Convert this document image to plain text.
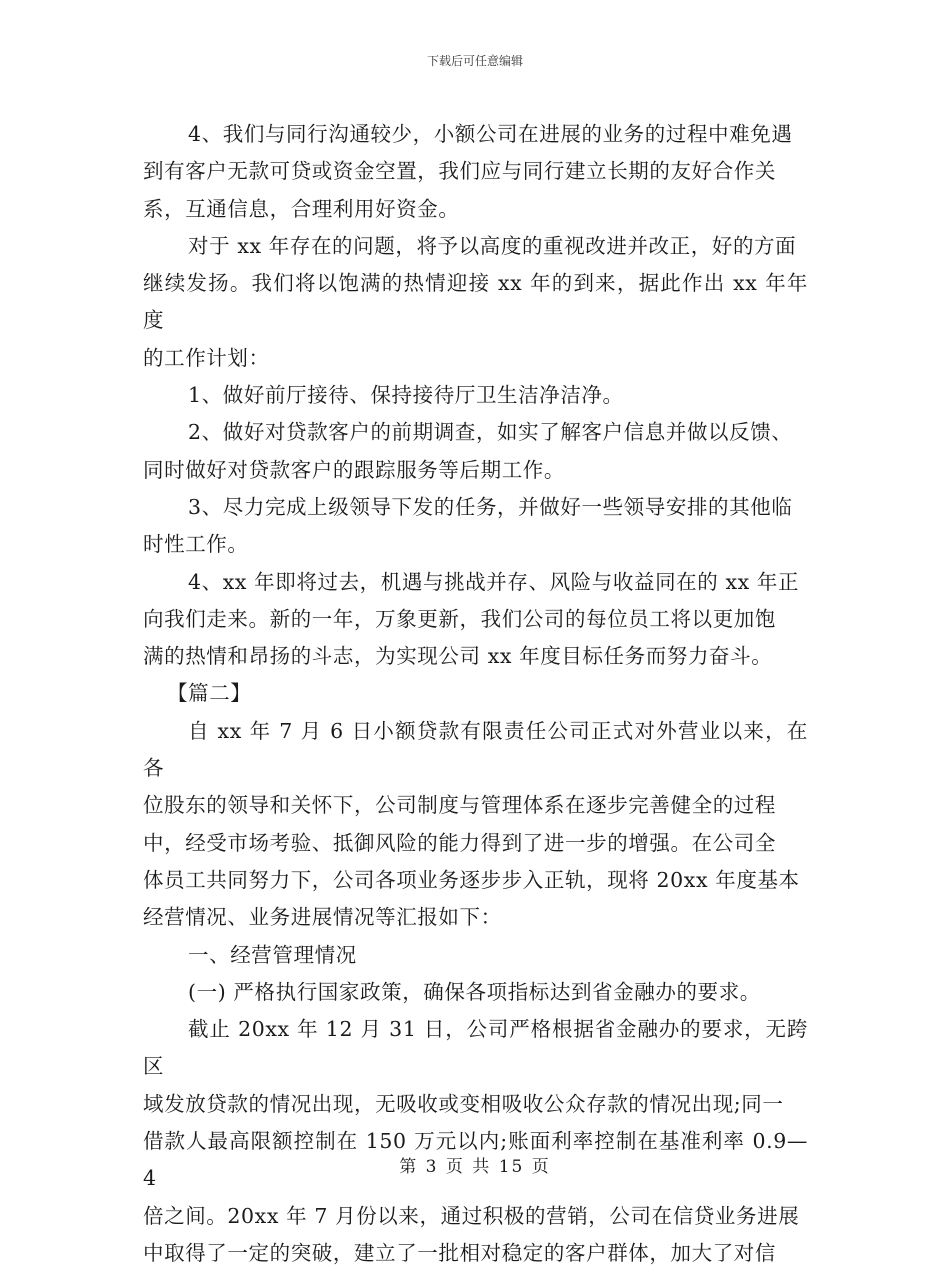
下载后可任意编辑

4、我们与同行沟通较少，小额公司在进展的业务的过程中难免遇
到有客户无款可贷或资金空置，我们应与同行建立长期的友好合作关
系，互通信息，合理利用好资金。

对于 xx 年存在的问题，将予以高度的重视改进并改正，好的方面
继续发扬。我们将以饱满的热情迎接 xx 年的到来，据此作出 xx 年年度
的工作计划：

1、做好前厅接待、保持接待厅卫生洁净洁净。

2、做好对贷款客户的前期调查，如实了解客户信息并做以反馈、
同时做好对贷款客户的跟踪服务等后期工作。

3、尽力完成上级领导下发的任务，并做好一些领导安排的其他临
时性工作。

4、xx 年即将过去，机遇与挑战并存、风险与收益同在的 xx 年正
向我们走来。新的一年，万象更新，我们公司的每位员工将以更加饱
满的热情和昂扬的斗志，为实现公司 xx 年度目标任务而努力奋斗。

【篇二】

自 xx 年 7 月 6 日小额贷款有限责任公司正式对外营业以来，在各
位股东的领导和关怀下，公司制度与管理体系在逐步完善健全的过程
中，经受市场考验、抵御风险的能力得到了进一步的增强。在公司全
体员工共同努力下，公司各项业务逐步步入正轨，现将 20xx 年度基本
经营情况、业务进展情况等汇报如下：

一、经营管理情况

(一) 严格执行国家政策，确保各项指标达到省金融办的要求。

截止 20xx 年 12 月 31 日，公司严格根据省金融办的要求，无跨区
域发放贷款的情况出现，无吸收或变相吸收公众存款的情况出现;同一
借款人最高限额控制在 150 万元以内;账面利率控制在基准利率 0.9—4
倍之间。20xx 年 7 月份以来，通过积极的营销，公司在信贷业务进展
中取得了一定的突破，建立了一批相对稳定的客户群体，加大了对信

第 3 页 共 15 页
